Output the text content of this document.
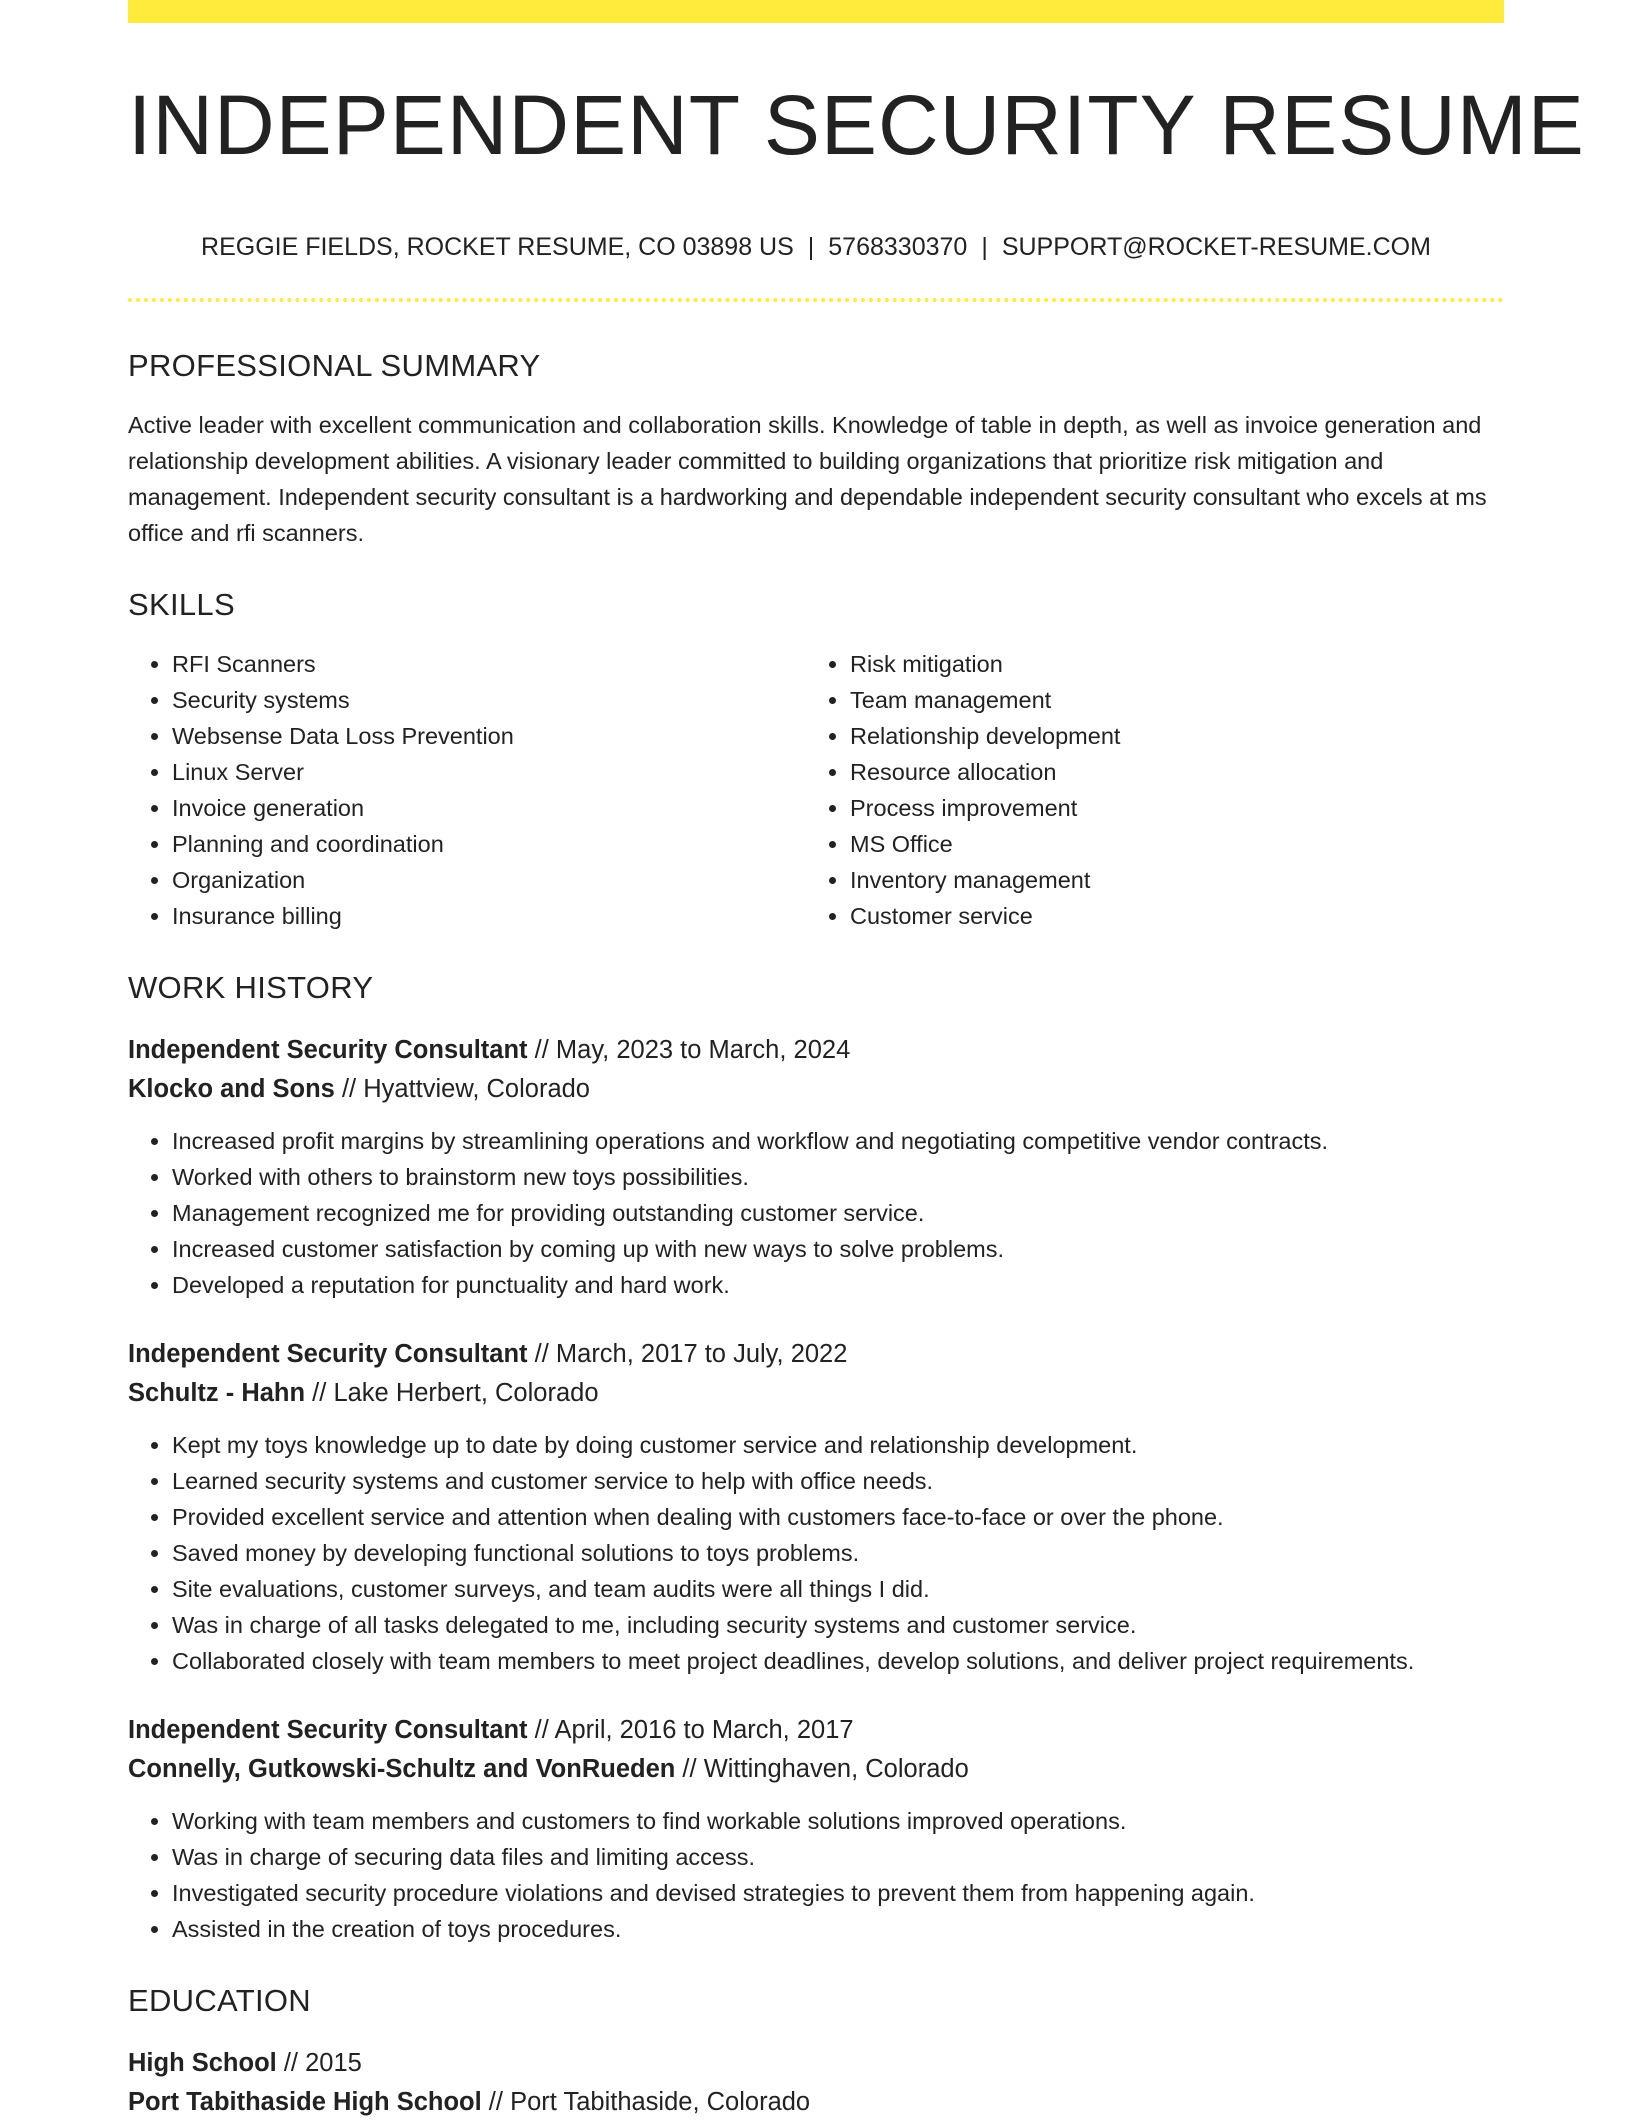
INDEPENDENT SECURITY RESUME
REGGIE FIELDS, ROCKET RESUME, CO 03898 US | 5768330370 | SUPPORT@ROCKET-RESUME.COM
PROFESSIONAL SUMMARY

Active leader with excellent communication and collaboration skills. Knowledge of table in depth, as well as invoice generation and relationship development abilities. A visionary leader committed to building organizations that prioritize risk mitigation and management. Independent security consultant is a hardworking and dependable independent security consultant who excels at ms office and rfi scanners.

SKILLS
• RFI Scanners
• Security systems
• Websense Data Loss Prevention
• Linux Server
• Invoice generation
• Planning and coordination
• Organization
• Insurance billing
• Risk mitigation
• Team management
• Relationship development
• Resource allocation
• Process improvement
• MS Office
• Inventory management
• Customer service
WORK HISTORY
Independent Security Consultant // May, 2023 to March, 2024
Klocko and Sons // Hyattview, Colorado
• Increased profit margins by streamlining operations and workflow and negotiating competitive vendor contracts.
• Worked with others to brainstorm new toys possibilities.
• Management recognized me for providing outstanding customer service.
• Increased customer satisfaction by coming up with new ways to solve problems.
• Developed a reputation for punctuality and hard work.
Independent Security Consultant // March, 2017 to July, 2022
Schultz - Hahn // Lake Herbert, Colorado
• Kept my toys knowledge up to date by doing customer service and relationship development.
• Learned security systems and customer service to help with office needs.
• Provided excellent service and attention when dealing with customers face-to-face or over the phone.
• Saved money by developing functional solutions to toys problems.
• Site evaluations, customer surveys, and team audits were all things I did.
• Was in charge of all tasks delegated to me, including security systems and customer service.
• Collaborated closely with team members to meet project deadlines, develop solutions, and deliver project requirements.
Independent Security Consultant // April, 2016 to March, 2017
Connelly, Gutkowski-Schultz and VonRueden // Wittinghaven, Colorado
• Working with team members and customers to find workable solutions improved operations.
• Was in charge of securing data files and limiting access.
• Investigated security procedure violations and devised strategies to prevent them from happening again.
• Assisted in the creation of toys procedures.
EDUCATION
High School // 2015
Port Tabithaside High School // Port Tabithaside, Colorado
